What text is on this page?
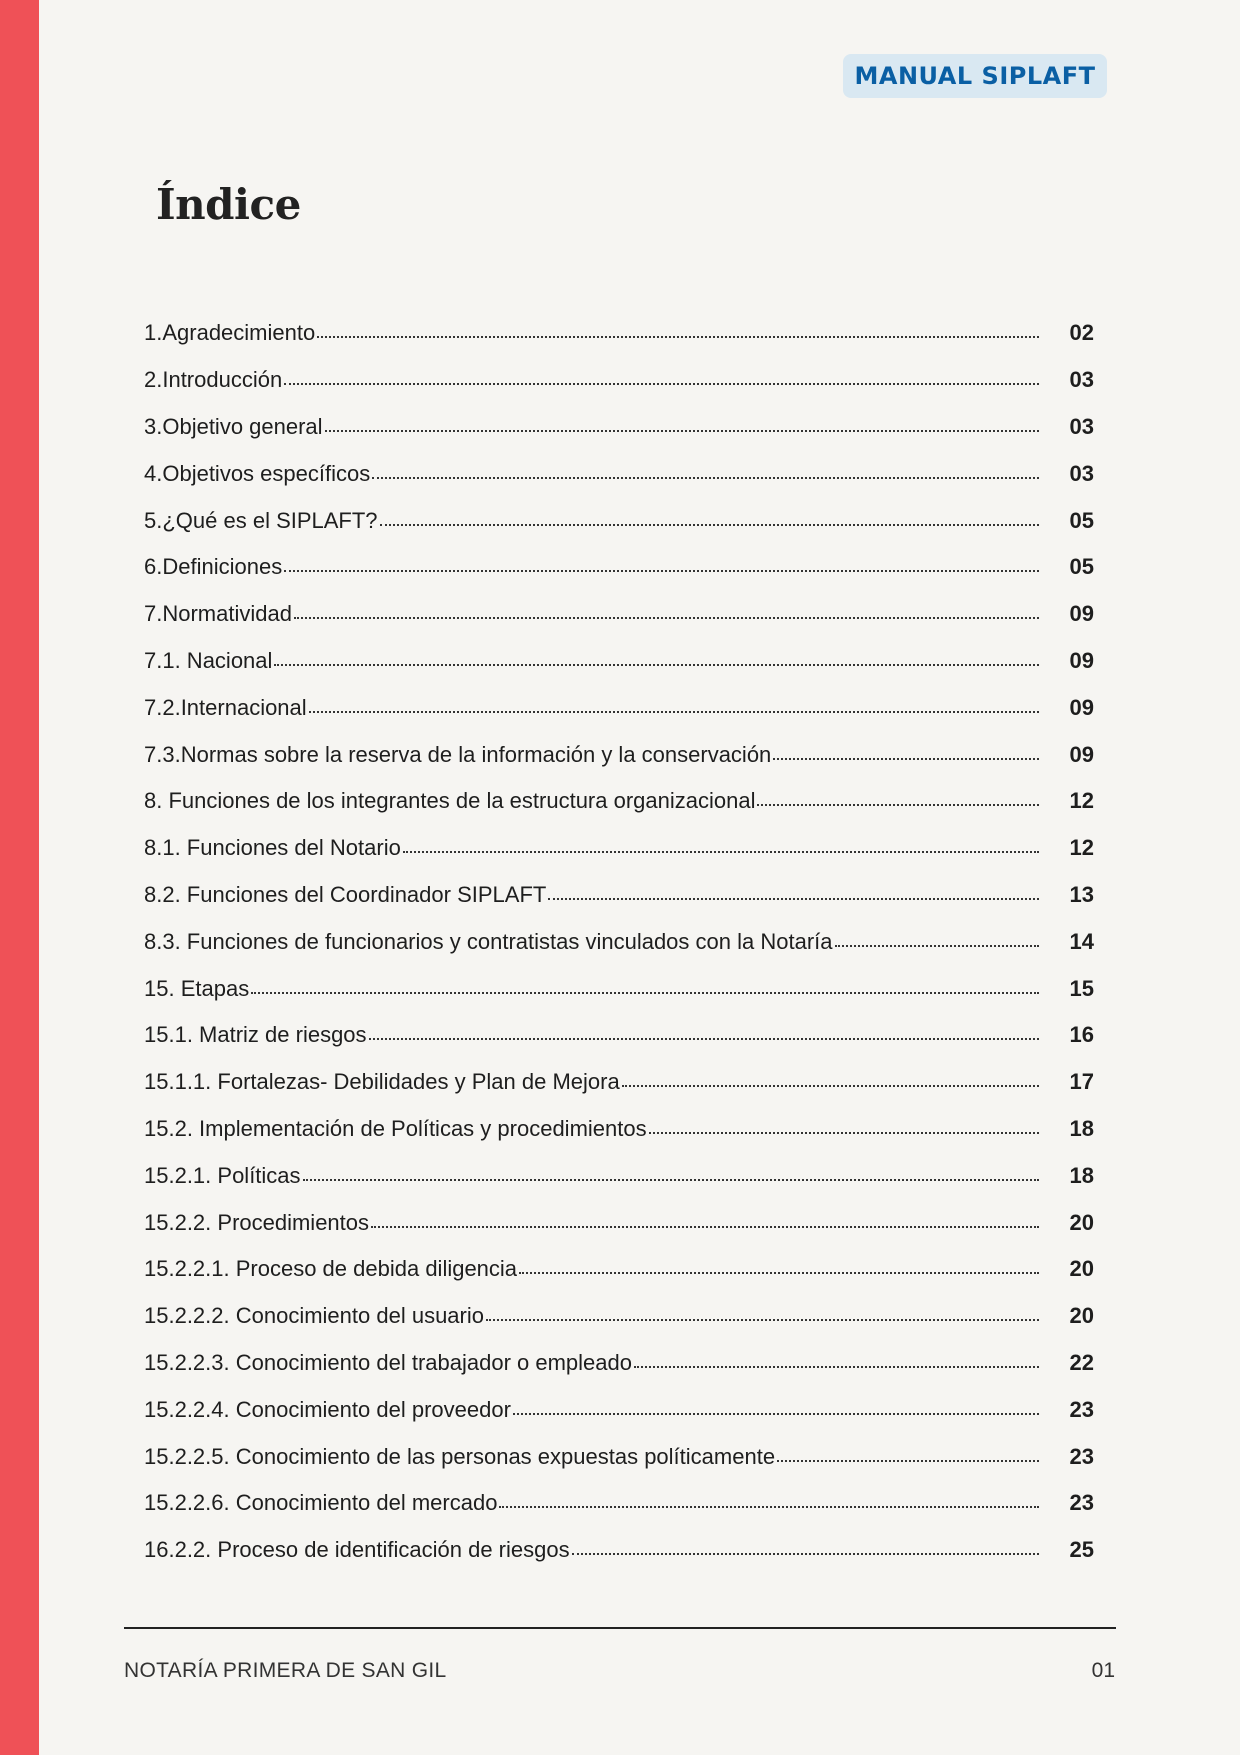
MANUAL SIPLAFT
Índice
1.Agradecimiento	02
2.Introducción	03
3.Objetivo general	03
4.Objetivos específicos	03
5.¿Qué es el SIPLAFT?	05
6.Definiciones	05
7.Normatividad	09
7.1. Nacional	09
7.2.Internacional	09
7.3.Normas sobre la reserva de la información y la conservación	09
8. Funciones de los integrantes de la estructura organizacional	12
8.1. Funciones del Notario	12
8.2. Funciones del Coordinador SIPLAFT	13
8.3. Funciones de funcionarios y contratistas vinculados con la Notaría	14
15. Etapas	15
15.1. Matriz de riesgos	16
15.1.1. Fortalezas- Debilidades y Plan de Mejora	17
15.2. Implementación de Políticas y procedimientos	18
15.2.1. Políticas	18
15.2.2. Procedimientos	20
15.2.2.1. Proceso de debida diligencia	20
15.2.2.2. Conocimiento del usuario	20
15.2.2.3. Conocimiento del trabajador o empleado	22
15.2.2.4. Conocimiento del proveedor	23
15.2.2.5. Conocimiento de las personas expuestas políticamente	23
15.2.2.6. Conocimiento del mercado	23
16.2.2. Proceso de identificación de riesgos	25
NOTARÍA PRIMERA DE SAN GIL	01
